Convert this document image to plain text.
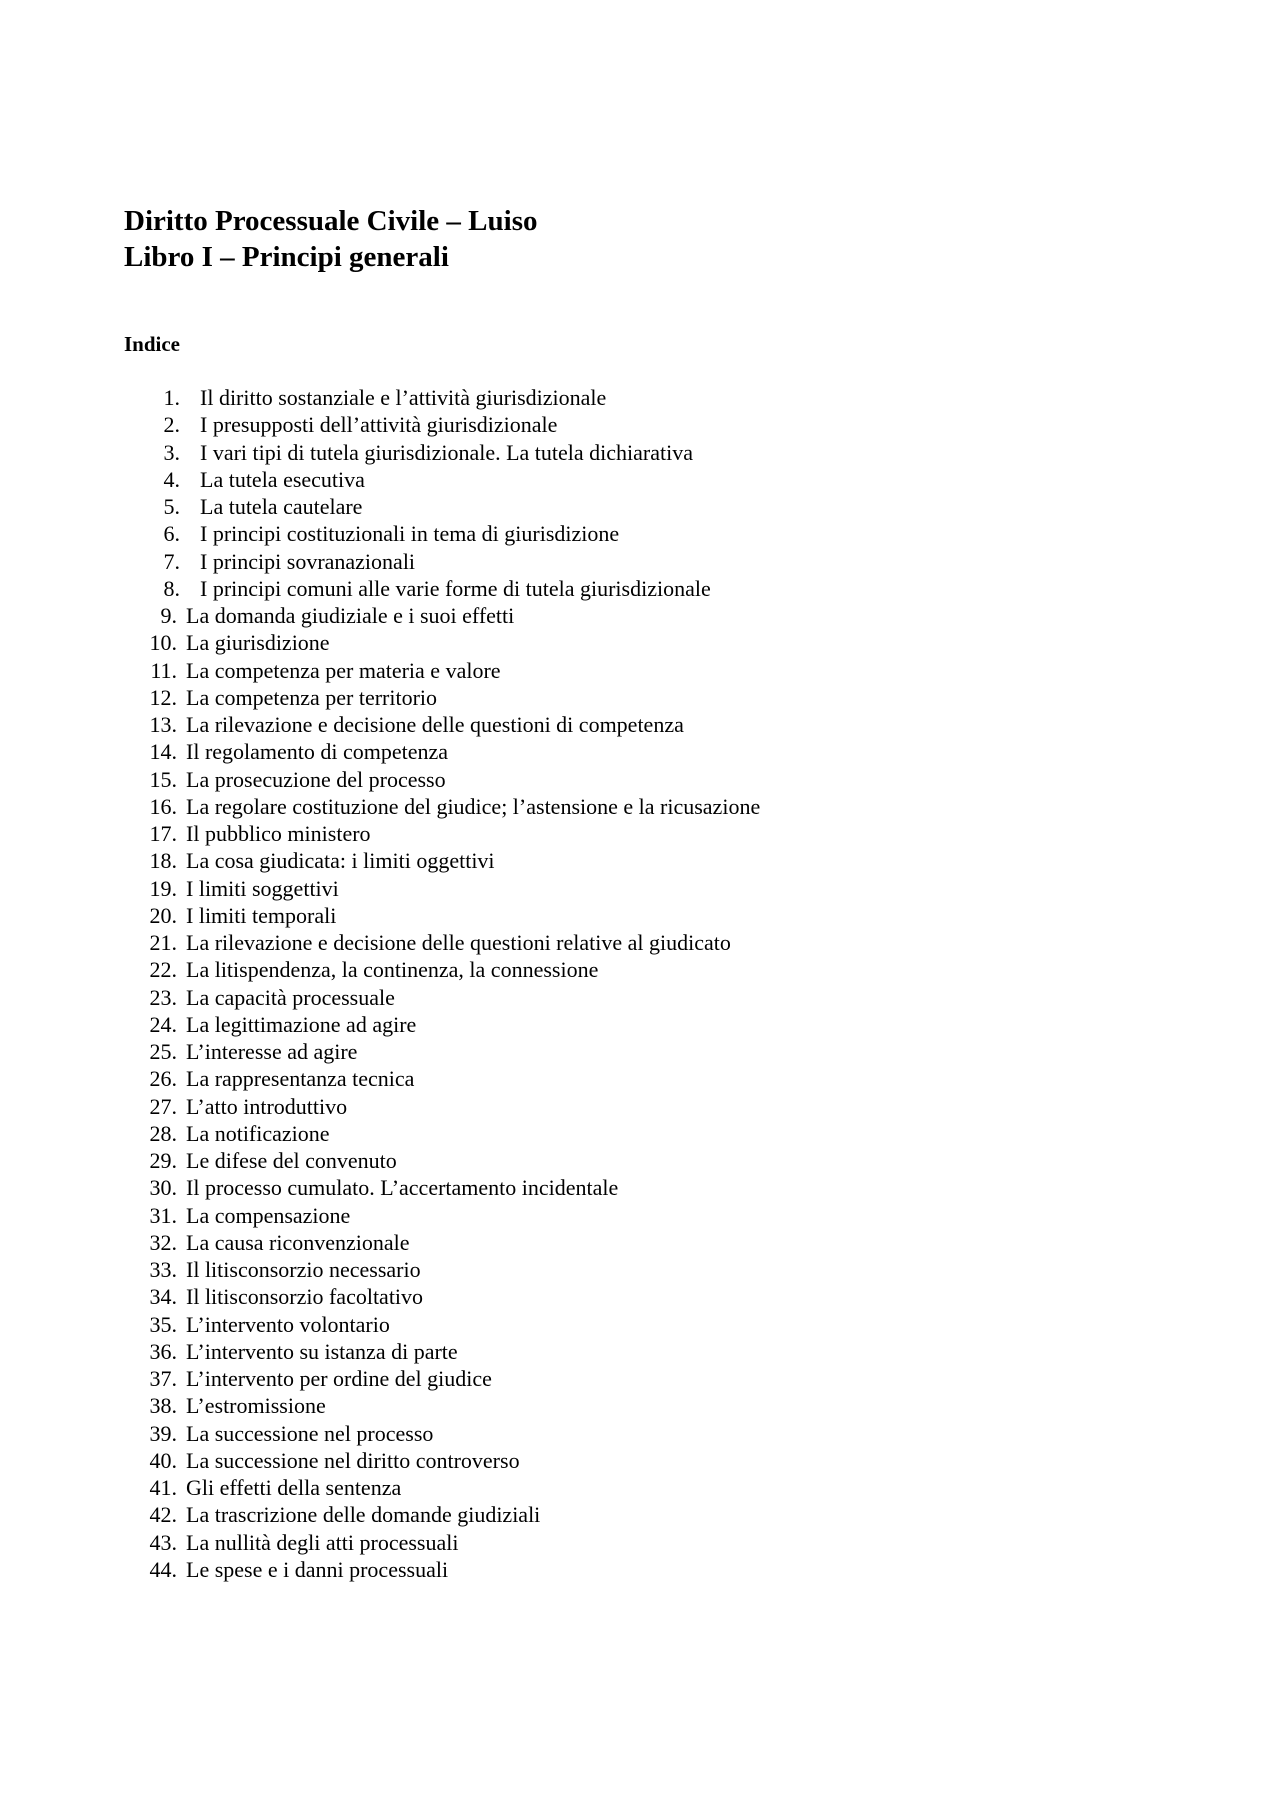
Diritto Processuale Civile – Luiso
Libro I – Principi generali
Indice
1. Il diritto sostanziale e l’attività giurisdizionale
2. I presupposti dell’attività giurisdizionale
3. I vari tipi di tutela giurisdizionale. La tutela dichiarativa
4. La tutela esecutiva
5. La tutela cautelare
6. I principi costituzionali in tema di giurisdizione
7. I principi sovranazionali
8. I principi comuni alle varie forme di tutela giurisdizionale
9. La domanda giudiziale e i suoi effetti
10. La giurisdizione
11. La competenza per materia e valore
12. La competenza per territorio
13. La rilevazione e decisione delle questioni di competenza
14. Il regolamento di competenza
15. La prosecuzione del processo
16. La regolare costituzione del giudice; l’astensione e la ricusazione
17. Il pubblico ministero
18. La cosa giudicata: i limiti oggettivi
19. I limiti soggettivi
20. I limiti temporali
21. La rilevazione e decisione delle questioni relative al giudicato
22. La litispendenza, la continenza, la connessione
23. La capacità processuale
24. La legittimazione ad agire
25. L’interesse ad agire
26. La rappresentanza tecnica
27. L’atto introduttivo
28. La notificazione
29. Le difese del convenuto
30. Il processo cumulato. L’accertamento incidentale
31. La compensazione
32. La causa riconvenzionale
33. Il litisconsorzio necessario
34. Il litisconsorzio facoltativo
35. L’intervento volontario
36. L’intervento su istanza di parte
37. L’intervento per ordine del giudice
38. L’estromissione
39. La successione nel processo
40. La successione nel diritto controverso
41. Gli effetti della sentenza
42. La trascrizione delle domande giudiziali
43. La nullità degli atti processuali
44. Le spese e i danni processuali
